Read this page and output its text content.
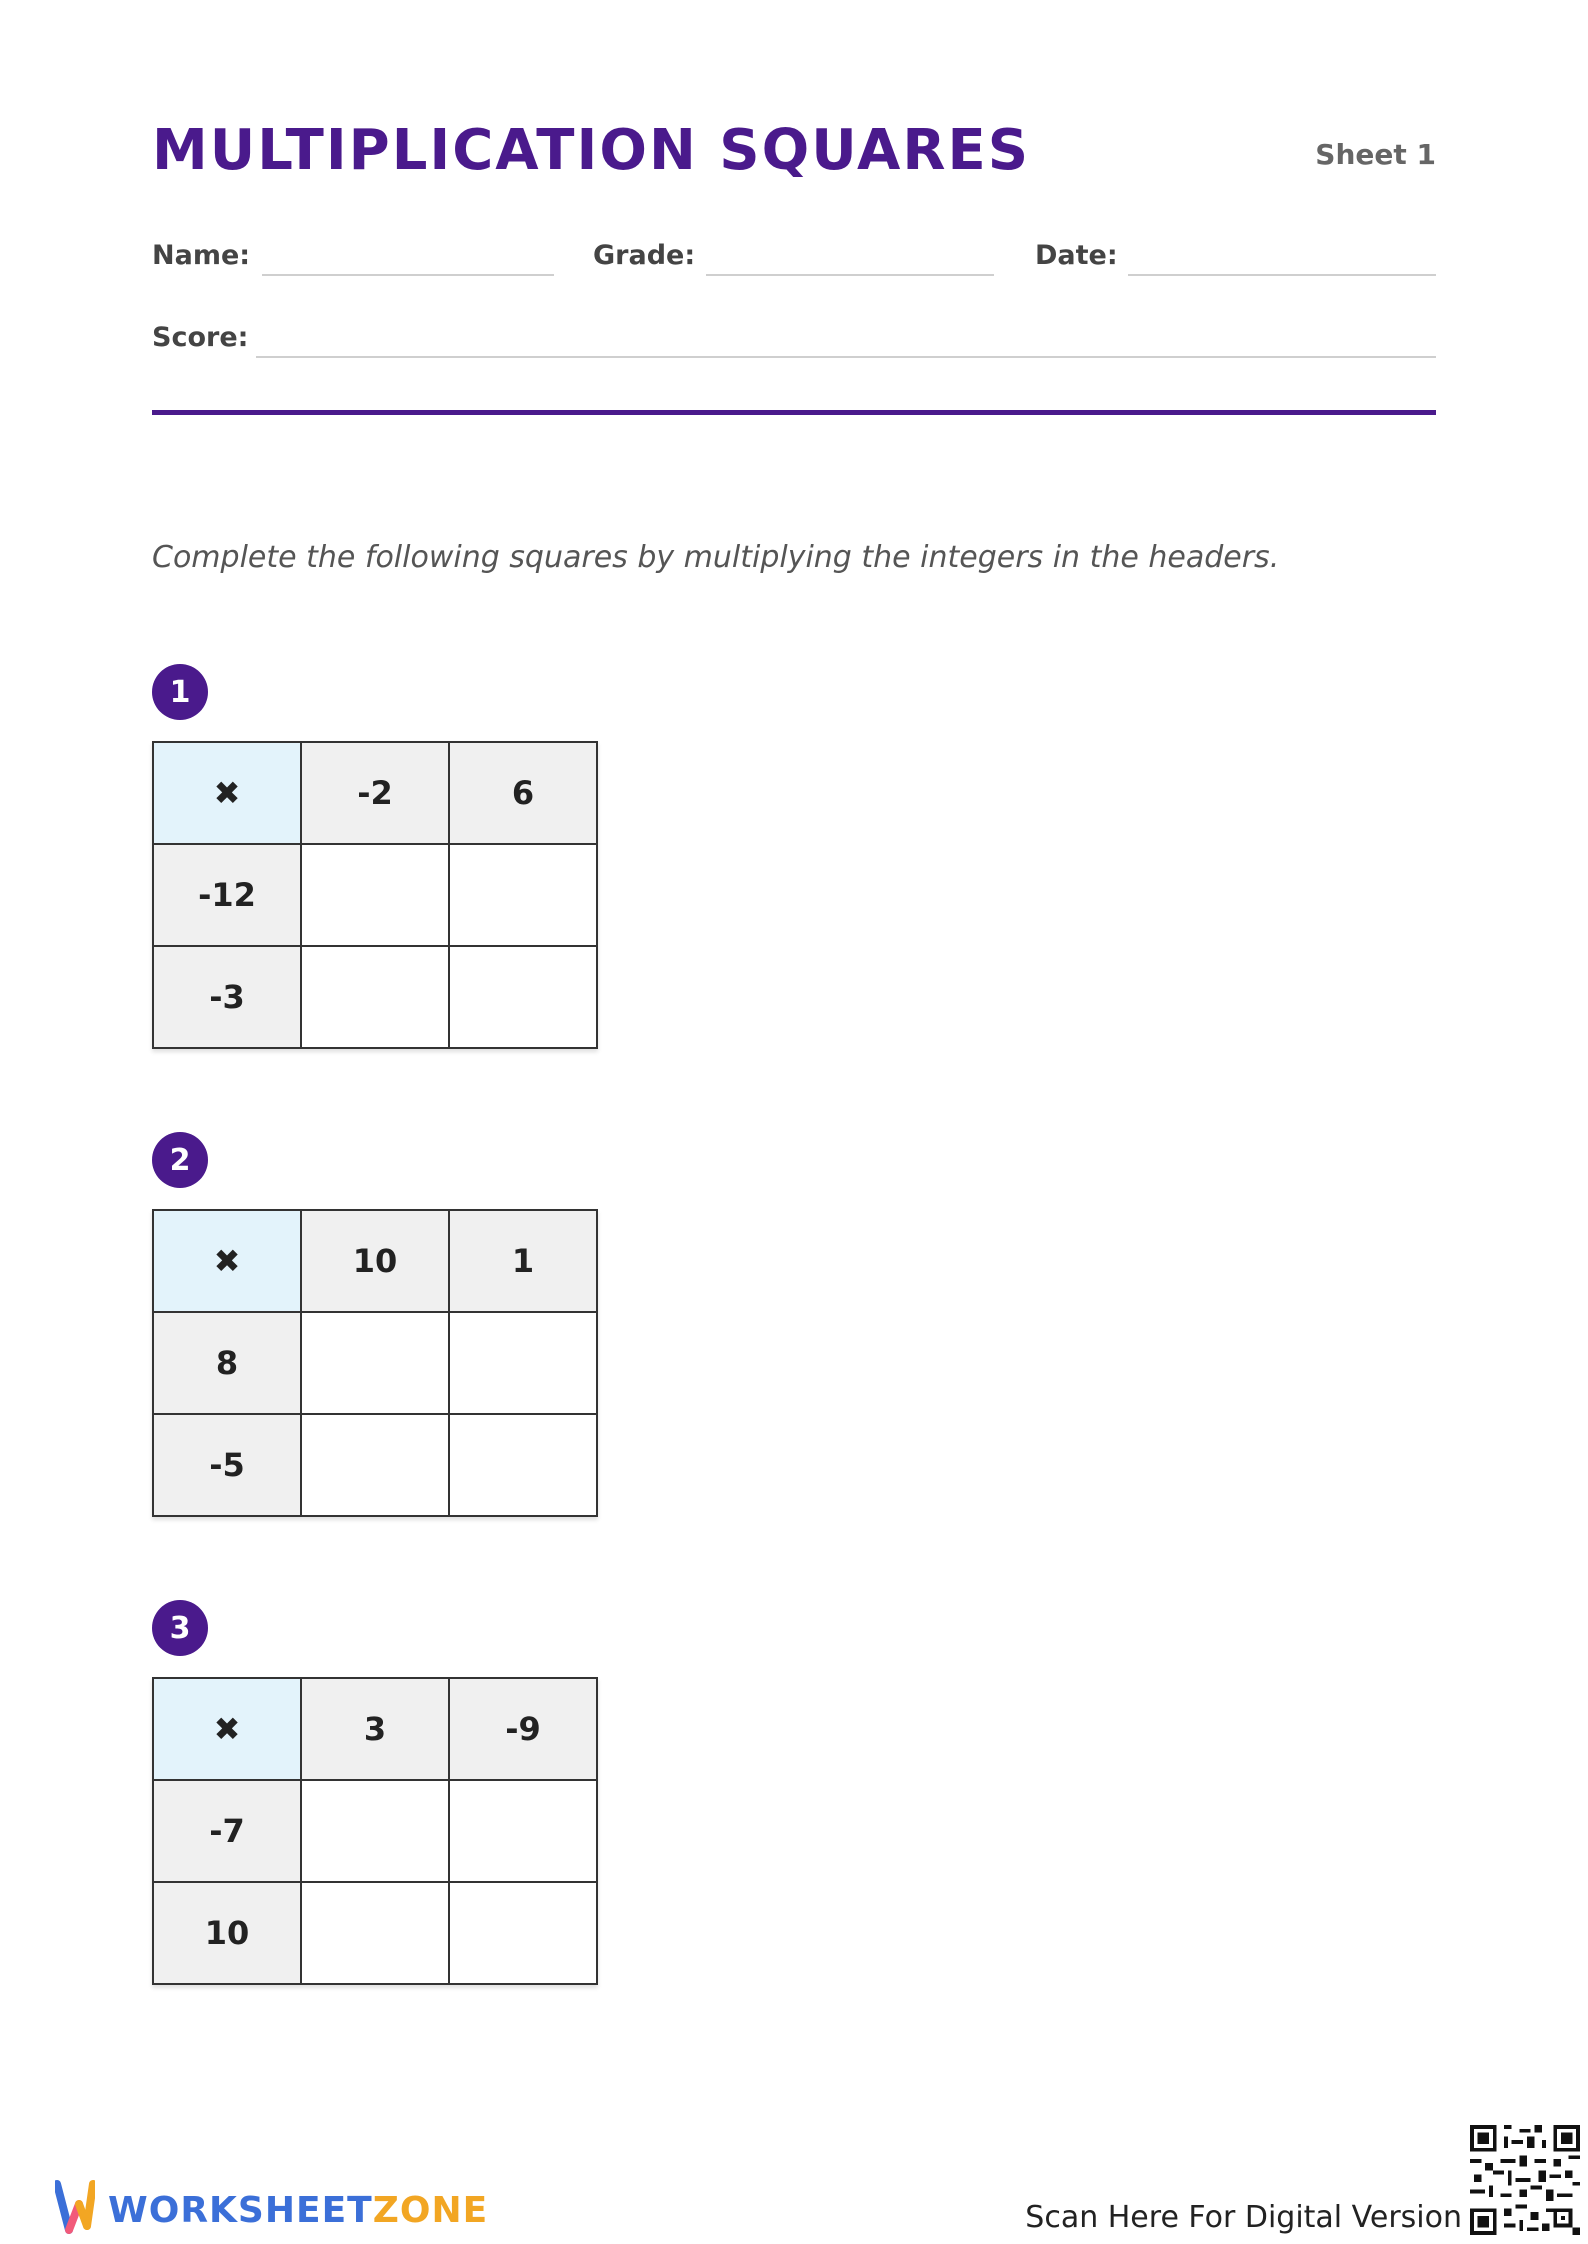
MULTIPLICATION SQUARES	Sheet 1
Name:	Grade:	Date:
Score:
Complete the following squares by multiplying the integers in the headers.
1
✖	-2	6
-12		
-3		
2
✖	10	1
8		
-5		
3
✖	3	-9
-7		
10		
WORKSHEETZONE	Scan Here For Digital Version
